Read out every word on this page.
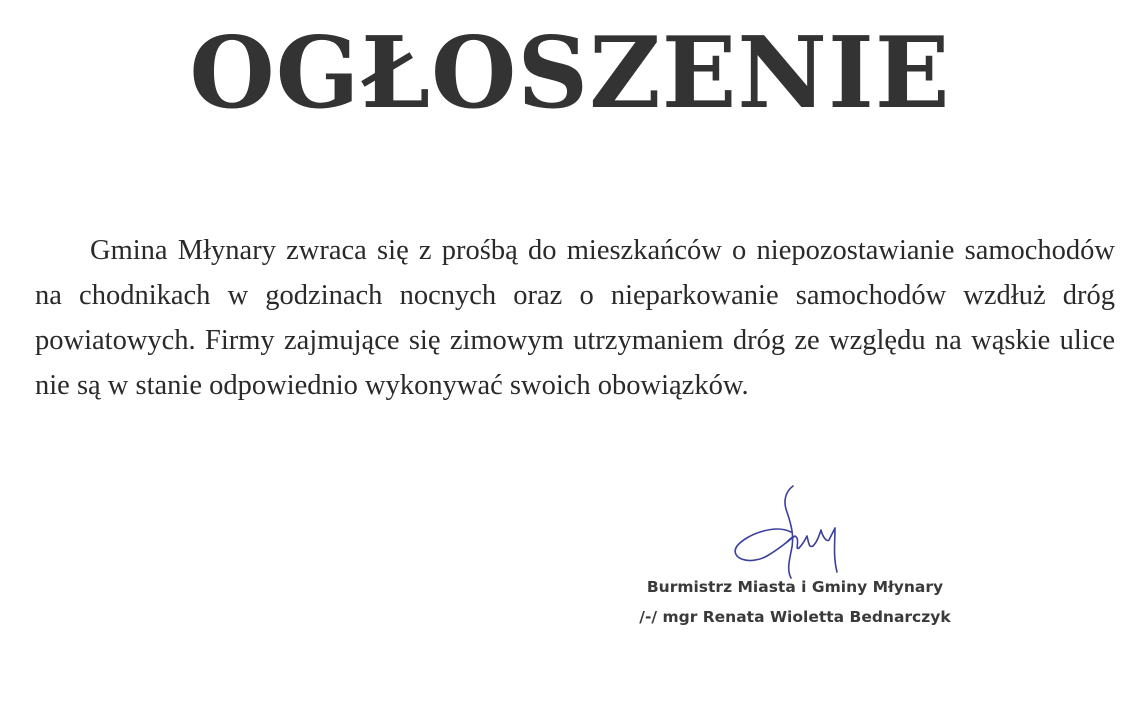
OGŁOSZENIE

Gmina Młynary zwraca się z prośbą do mieszkańców o niepozostawianie samochodów na chodnikach w godzinach nocnych oraz o nieparkowanie samochodów wzdłuż dróg powiatowych. Firmy zajmujące się zimowym utrzymaniem dróg ze względu na wąskie ulice nie są w stanie odpowiednio wykonywać swoich obowiązków.

Burmistrz Miasta i Gminy Młynary
/-/ mgr Renata Wioletta Bednarczyk
